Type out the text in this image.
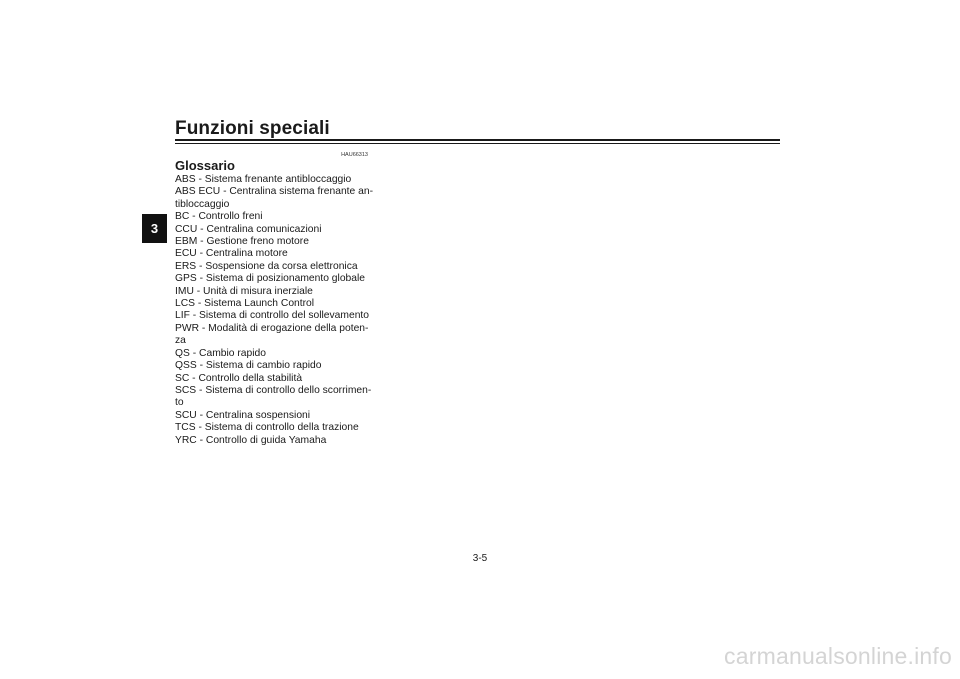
Funzioni speciali
3
HAU66313
Glossario
ABS - Sistema frenante antibloccaggio
ABS ECU - Centralina sistema frenante an-
tibloccaggio
BC - Controllo freni
CCU - Centralina comunicazioni
EBM - Gestione freno motore
ECU - Centralina motore
ERS - Sospensione da corsa elettronica
GPS - Sistema di posizionamento globale
IMU - Unità di misura inerziale
LCS - Sistema Launch Control
LIF - Sistema di controllo del sollevamento
PWR - Modalità di erogazione della poten-
za
QS - Cambio rapido
QSS - Sistema di cambio rapido
SC - Controllo della stabilità
SCS - Sistema di controllo dello scorrimen-
to
SCU - Centralina sospensioni
TCS - Sistema di controllo della trazione
YRC - Controllo di guida Yamaha
3-5
carmanualsonline.info
